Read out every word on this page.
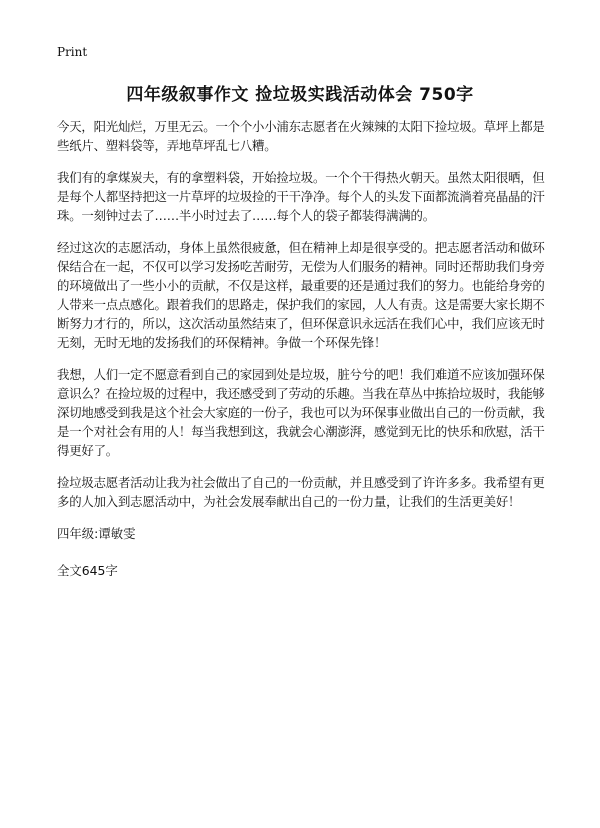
Print
四年级叙事作文 捡垃圾实践活动体会 750字

今天，阳光灿烂，万里无云。一个个小小浦东志愿者在火辣辣的太阳下捡垃圾。草坪上都是些纸片、塑料袋等，弄地草坪乱七八糟。

我们有的拿煤炭夫，有的拿塑料袋，开始捡垃圾。一个个干得热火朝天。虽然太阳很晒，但是每个人都坚持把这一片草坪的垃圾捡的干干净净。每个人的头发下面都流淌着亮晶晶的汗珠。一刻钟过去了……半小时过去了……每个人的袋子都装得满满的。

经过这次的志愿活动，身体上虽然很疲惫，但在精神上却是很享受的。把志愿者活动和做环保结合在一起，不仅可以学习发扬吃苦耐劳，无偿为人们服务的精神。同时还帮助我们身旁的环境做出了一些小小的贡献，不仅是这样，最重要的还是通过我们的努力。也能给身旁的人带来一点点感化。跟着我们的思路走，保护我们的家园，人人有责。这是需要大家长期不断努力才行的，所以，这次活动虽然结束了，但环保意识永远活在我们心中，我们应该无时无刻，无时无地的发扬我们的环保精神。争做一个环保先锋！

我想，人们一定不愿意看到自己的家园到处是垃圾，脏兮兮的吧！我们难道不应该加强环保意识么？在捡垃圾的过程中，我还感受到了劳动的乐趣。当我在草丛中拣拾垃圾时，我能够深切地感受到我是这个社会大家庭的一份子，我也可以为环保事业做出自己的一份贡献，我是一个对社会有用的人！每当我想到这，我就会心潮澎湃，感觉到无比的快乐和欣慰，活干得更好了。

捡垃圾志愿者活动让我为社会做出了自己的一份贡献，并且感受到了许许多多。我希望有更多的人加入到志愿活动中，为社会发展奉献出自己的一份力量，让我们的生活更美好！

四年级:谭敏雯

全文645字
